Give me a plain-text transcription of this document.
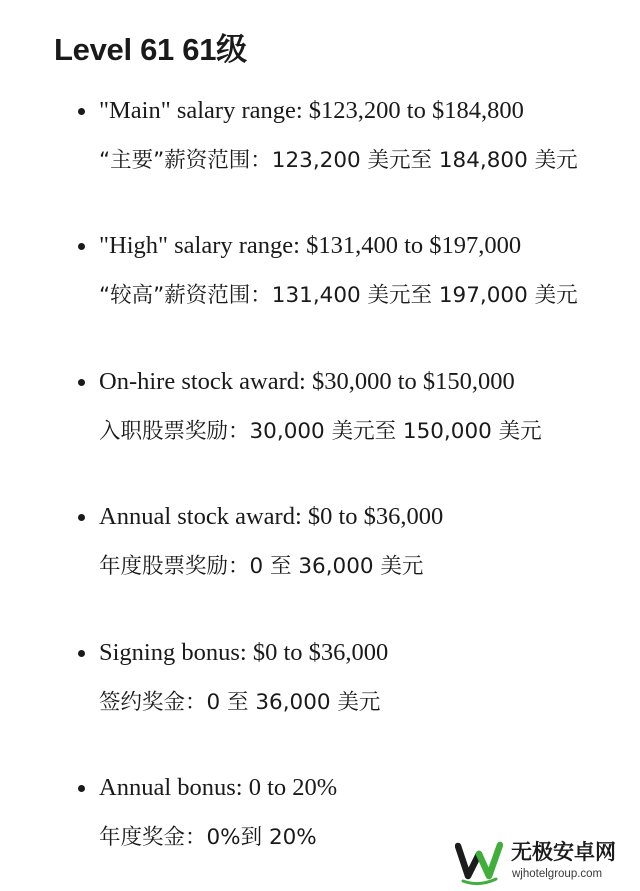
Level 61 61级
"Main" salary range: $123,200 to $184,800
“主要”薪资范围：123,200 美元至 184,800 美元
"High" salary range: $131,400 to $197,000
“较高”薪资范围：131,400 美元至 197,000 美元
On-hire stock award: $30,000 to $150,000
入职股票奖励：30,000 美元至 150,000 美元
Annual stock award: $0 to $36,000
年度股票奖励：0 至 36,000 美元
Signing bonus: $0 to $36,000
签约奖金：0 至 36,000 美元
Annual bonus: 0 to 20%
年度奖金：0%到 20%
无极安卓网
wjhotelgroup.com
